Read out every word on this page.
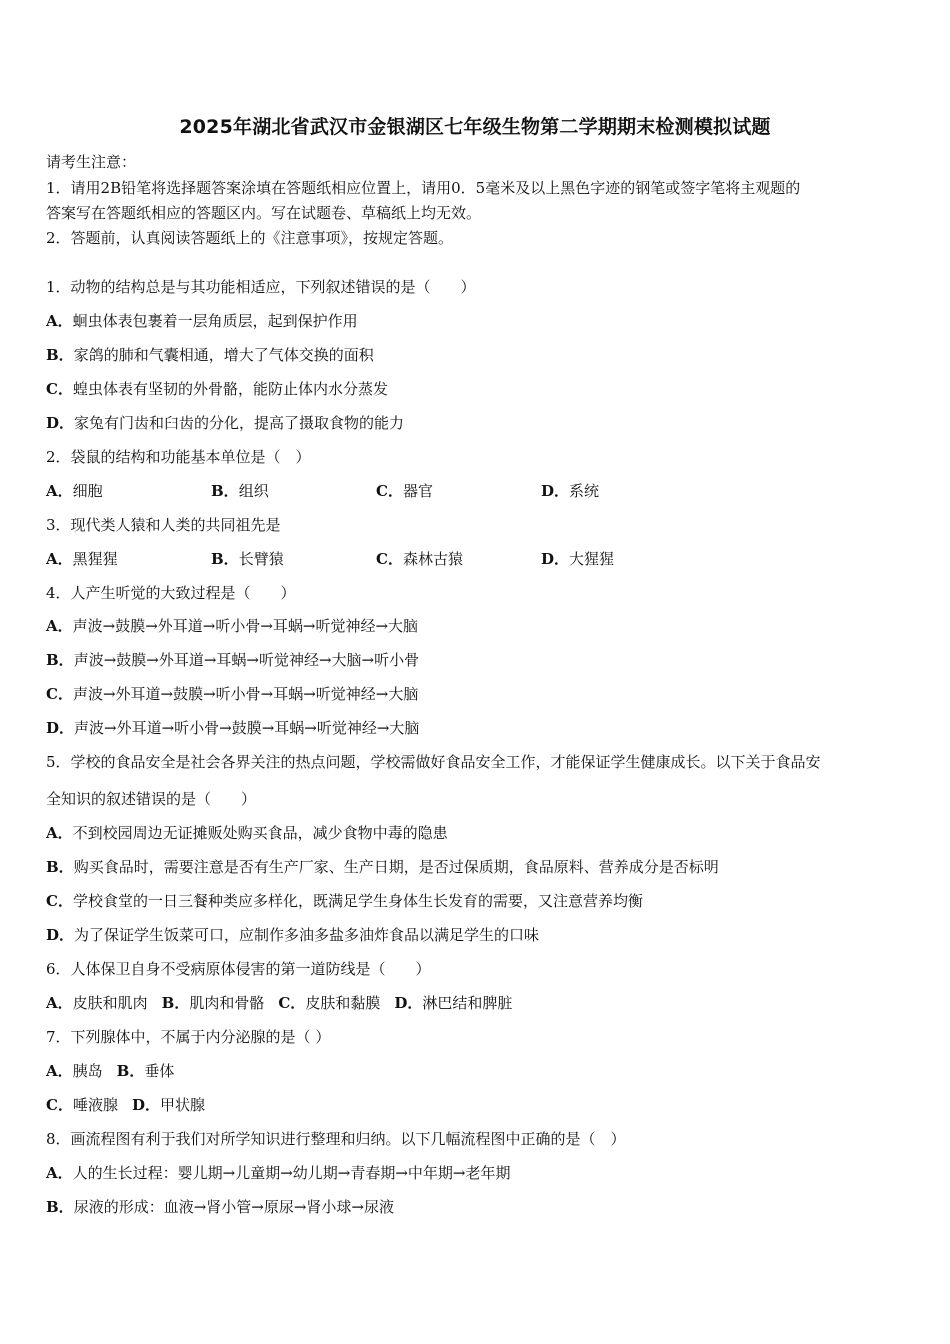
2025年湖北省武汉市金银湖区七年级生物第二学期期末检测模拟试题
请考生注意：
1．请用2B铅笔将选择题答案涂填在答题纸相应位置上，请用0．5毫米及以上黑色字迹的钢笔或签字笔将主观题的
答案写在答题纸相应的答题区内。写在试题卷、草稿纸上均无效。
2．答题前，认真阅读答题纸上的《注意事项》，按规定答题。
1．动物的结构总是与其功能相适应，下列叙述错误的是（　　）
A．蛔虫体表包裹着一层角质层，起到保护作用
B．家鸽的肺和气囊相通，增大了气体交换的面积
C．蝗虫体表有坚韧的外骨骼，能防止体内水分蒸发
D．家兔有门齿和臼齿的分化，提高了摄取食物的能力
2．袋鼠的结构和功能基本单位是（　）
A．细胞	B．组织	C．器官	D．系统
3．现代类人猿和人类的共同祖先是
A．黑猩猩	B．长臂猿	C．森林古猿	D．大猩猩
4．人产生听觉的大致过程是（　　）
A．声波→鼓膜→外耳道→听小骨→耳蜗→听觉神经→大脑
B．声波→鼓膜→外耳道→耳蜗→听觉神经→大脑→听小骨
C．声波→外耳道→鼓膜→听小骨→耳蜗→听觉神经→大脑
D．声波→外耳道→听小骨→鼓膜→耳蜗→听觉神经→大脑
5．学校的食品安全是社会各界关注的热点问题，学校需做好食品安全工作，才能保证学生健康成长。以下关于食品安
全知识的叙述错误的是（　　）
A．不到校园周边无证摊贩处购买食品，减少食物中毒的隐患
B．购买食品时，需要注意是否有生产厂家、生产日期，是否过保质期，食品原料、营养成分是否标明
C．学校食堂的一日三餐种类应多样化，既满足学生身体生长发育的需要，又注意营养均衡
D．为了保证学生饭菜可口，应制作多油多盐多油炸食品以满足学生的口味
6．人体保卫自身不受病原体侵害的第一道防线是（　　）
A．皮肤和肌肉 B．肌肉和骨骼 C．皮肤和黏膜 D．淋巴结和脾脏
7．下列腺体中，不属于内分泌腺的是（ ）
A．胰岛 B．垂体
C．唾液腺 D．甲状腺
8．画流程图有利于我们对所学知识进行整理和归纳。以下几幅流程图中正确的是（　）
A．人的生长过程：婴儿期→儿童期→幼儿期→青春期→中年期→老年期
B．尿液的形成：血液→肾小管→原尿→肾小球→尿液
